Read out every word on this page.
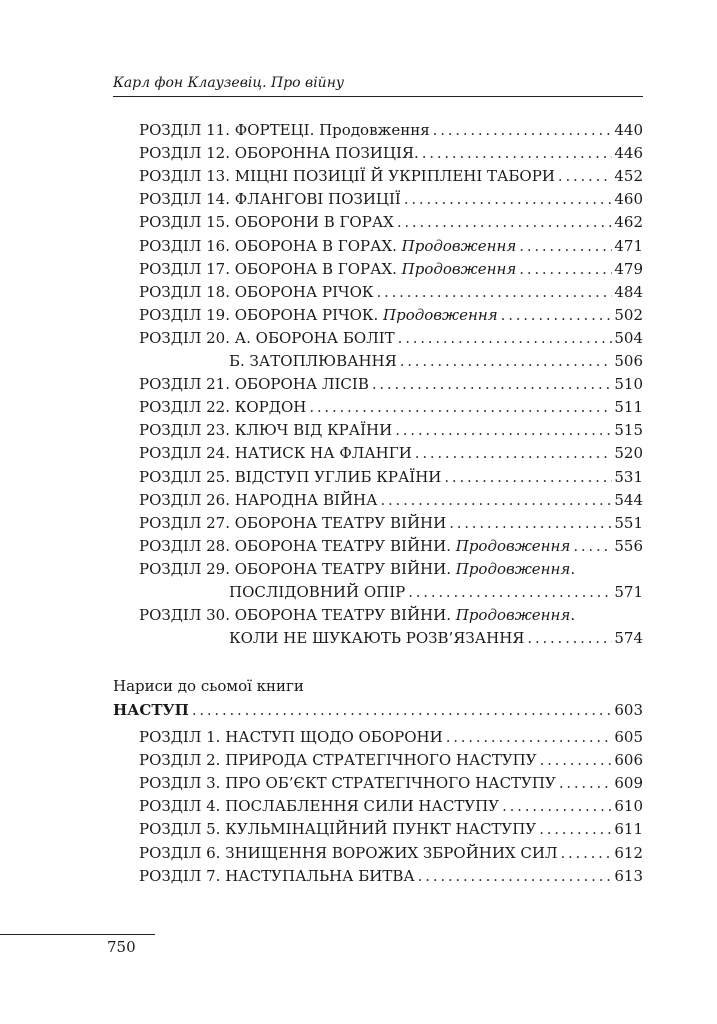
Карл фон Клаузевіц. Про війну
РОЗДІЛ 11. ФОРТЕЦІ. Продовження . . .	440
РОЗДІЛ 12. ОБОРОННА ПОЗИЦІЯ. . . .	446
РОЗДІЛ 13. МІЦНІ ПОЗИЦІЇ Й УКРІПЛЕНІ ТАБОРИ . . .	452
РОЗДІЛ 14. ФЛАНГОВІ ПОЗИЦІЇ . . .	460
РОЗДІЛ 15. ОБОРОНИ В ГОРАХ . . .	462
РОЗДІЛ 16. ОБОРОНА В ГОРАХ. Продовження . . .	471
РОЗДІЛ 17. ОБОРОНА В ГОРАХ. Продовження . . .	479
РОЗДІЛ 18. ОБОРОНА РІЧОК . . .	484
РОЗДІЛ 19. ОБОРОНА РІЧОК. Продовження . . .	502
РОЗДІЛ 20. А. ОБОРОНА БОЛІТ . . .	504
Б. ЗАТОПЛЮВАННЯ . . .	506
РОЗДІЛ 21. ОБОРОНА ЛІСІВ . . .	510
РОЗДІЛ 22. КОРДОН . . .	511
РОЗДІЛ 23. КЛЮЧ ВІД КРАЇНИ . . .	515
РОЗДІЛ 24. НАТИСК НА ФЛАНГИ . . .	520
РОЗДІЛ 25. ВІДСТУП УГЛИБ КРАЇНИ . . .	531
РОЗДІЛ 26. НАРОДНА ВІЙНА . . .	544
РОЗДІЛ 27. ОБОРОНА ТЕАТРУ ВІЙНИ . . .	551
РОЗДІЛ 28. ОБОРОНА ТЕАТРУ ВІЙНИ. Продовження . . .	556
РОЗДІЛ 29. ОБОРОНА ТЕАТРУ ВІЙНИ. Продовження.
ПОСЛІДОВНИЙ ОПІР . . .	571
РОЗДІЛ 30. ОБОРОНА ТЕАТРУ ВІЙНИ. Продовження.
КОЛИ НЕ ШУКАЮТЬ РОЗВ’ЯЗАННЯ . . .	574
Нариси до сьомої книги
НАСТУП . . .	603
РОЗДІЛ 1. НАСТУП ЩОДО ОБОРОНИ . . .	605
РОЗДІЛ 2. ПРИРОДА СТРАТЕГІЧНОГО НАСТУПУ . . .	606
РОЗДІЛ 3. ПРО ОБ’ЄКТ СТРАТЕГІЧНОГО НАСТУПУ . . .	609
РОЗДІЛ 4. ПОСЛАБЛЕННЯ СИЛИ НАСТУПУ . . .	610
РОЗДІЛ 5. КУЛЬМІНАЦІЙНИЙ ПУНКТ НАСТУПУ . . .	611
РОЗДІЛ 6. ЗНИЩЕННЯ ВОРОЖИХ ЗБРОЙНИХ СИЛ . . .	612
РОЗДІЛ 7. НАСТУПАЛЬНА БИТВА . . .	613
750
